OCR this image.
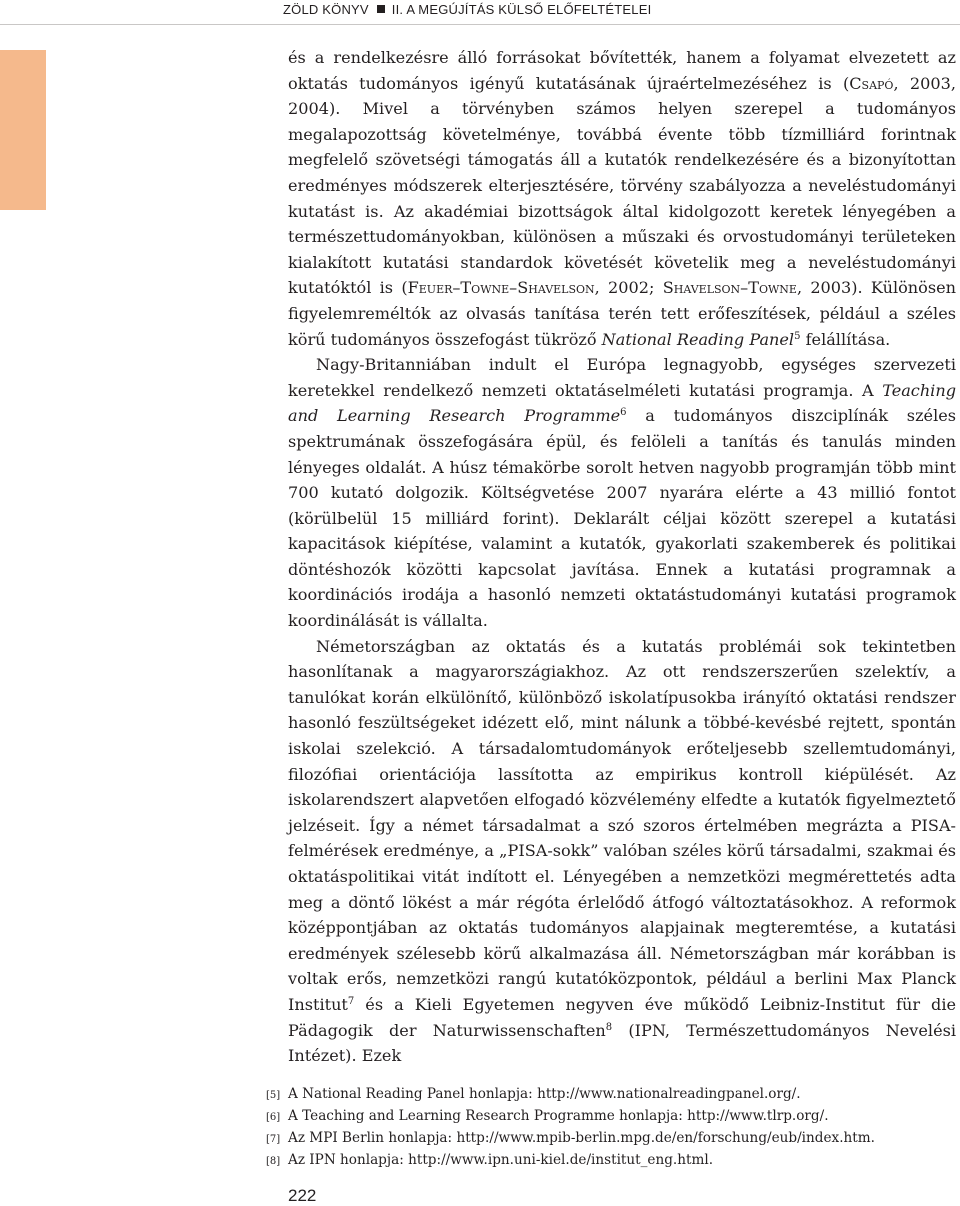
ZÖLD KÖNYV II. A MEGÚJÍTÁS KÜLSŐ ELŐFELTÉTELEI

és a rendelkezésre álló forrásokat bővítették, hanem a folyamat elvezetett az oktatás tudományos igényű kutatásának újraértelmezéséhez is (Csapó, 2003, 2004). Mivel a törvényben számos helyen szerepel a tudományos megalapozottság követelménye, továbbá évente több tízmilliárd forintnak megfelelő szövetségi támogatás áll a kutatók rendelkezésére és a bizonyítottan eredményes módszerek elterjesztésére, törvény szabályozza a neveléstudományi kutatást is. Az akadémiai bizottságok által kidolgozott keretek lényegében a természettudományokban, különösen a műszaki és orvostudományi területeken kialakított kutatási standardok követését követelik meg a neveléstudományi kutatóktól is (Feuer–Towne–Shavelson, 2002; Shavelson–Towne, 2003). Különösen figyelemreméltók az olvasás tanítása terén tett erőfeszítések, például a széles körű tudományos összefogást tükröző National Reading Panel$^5$ felállítása.

Nagy-Britanniában indult el Európa legnagyobb, egységes szervezeti keretekkel rendelkező nemzeti oktatáselméleti kutatási programja. A Teaching and Learning Research Programme$^6$ a tudományos diszciplínák széles spektrumának összefogására épül, és felöleli a tanítás és tanulás minden lényeges oldalát. A húsz témakörbe sorolt hetven nagyobb programján több mint 700 kutató dolgozik. Költségvetése 2007 nyarára elérte a 43 millió fontot (körülbelül 15 milliárd forint). Deklarált céljai között szerepel a kutatási kapacitások kiépítése, valamint a kutatók, gyakorlati szakemberek és politikai döntéshozók közötti kapcsolat javítása. Ennek a kutatási programnak a koordinációs irodája a hasonló nemzeti oktatástudományi kutatási programok koordinálását is vállalta.

Németországban az oktatás és a kutatás problémái sok tekintetben hasonlítanak a magyarországiakhoz. Az ott rendszerszerűen szelektív, a tanulókat korán elkülönítő, különböző iskolatípusokba irányító oktatási rendszer hasonló feszültségeket idézett elő, mint nálunk a többé-kevésbé rejtett, spontán iskolai szelekció. A társadalomtudományok erőteljesebb szellemtudományi, filozófiai orientációja lassította az empirikus kontroll kiépülését. Az iskolarendszert alapvetően elfogadó közvélemény elfedte a kutatók figyelmeztető jelzéseit. Így a német társadalmat a szó szoros értelmében megrázta a PISA-felmérések eredménye, a „PISA-sokk” valóban széles körű társadalmi, szakmai és oktatáspolitikai vitát indított el. Lényegében a nemzetközi megmérettetés adta meg a döntő lökést a már régóta érlelődő átfogó változtatásokhoz. A reformok középpontjában az oktatás tudományos alapjainak megteremtése, a kutatási eredmények szélesebb körű alkalmazása áll. Németországban már korábban is voltak erős, nemzetközi rangú kutatóközpontok, például a berlini Max Planck Institut$^7$ és a Kieli Egyetemen negyven éve működő Leibniz-Institut für die Pädagogik der Naturwissenschaften$^8$ (IPN, Természettudományos Nevelési Intézet). Ezek

[5] A National Reading Panel honlapja: http://www.nationalreadingpanel.org/.
[6] A Teaching and Learning Research Programme honlapja: http://www.tlrp.org/.
[7] Az MPI Berlin honlapja: http://www.mpib-berlin.mpg.de/en/forschung/eub/index.htm.
[8] Az IPN honlapja: http://www.ipn.uni-kiel.de/institut_eng.html.
222
